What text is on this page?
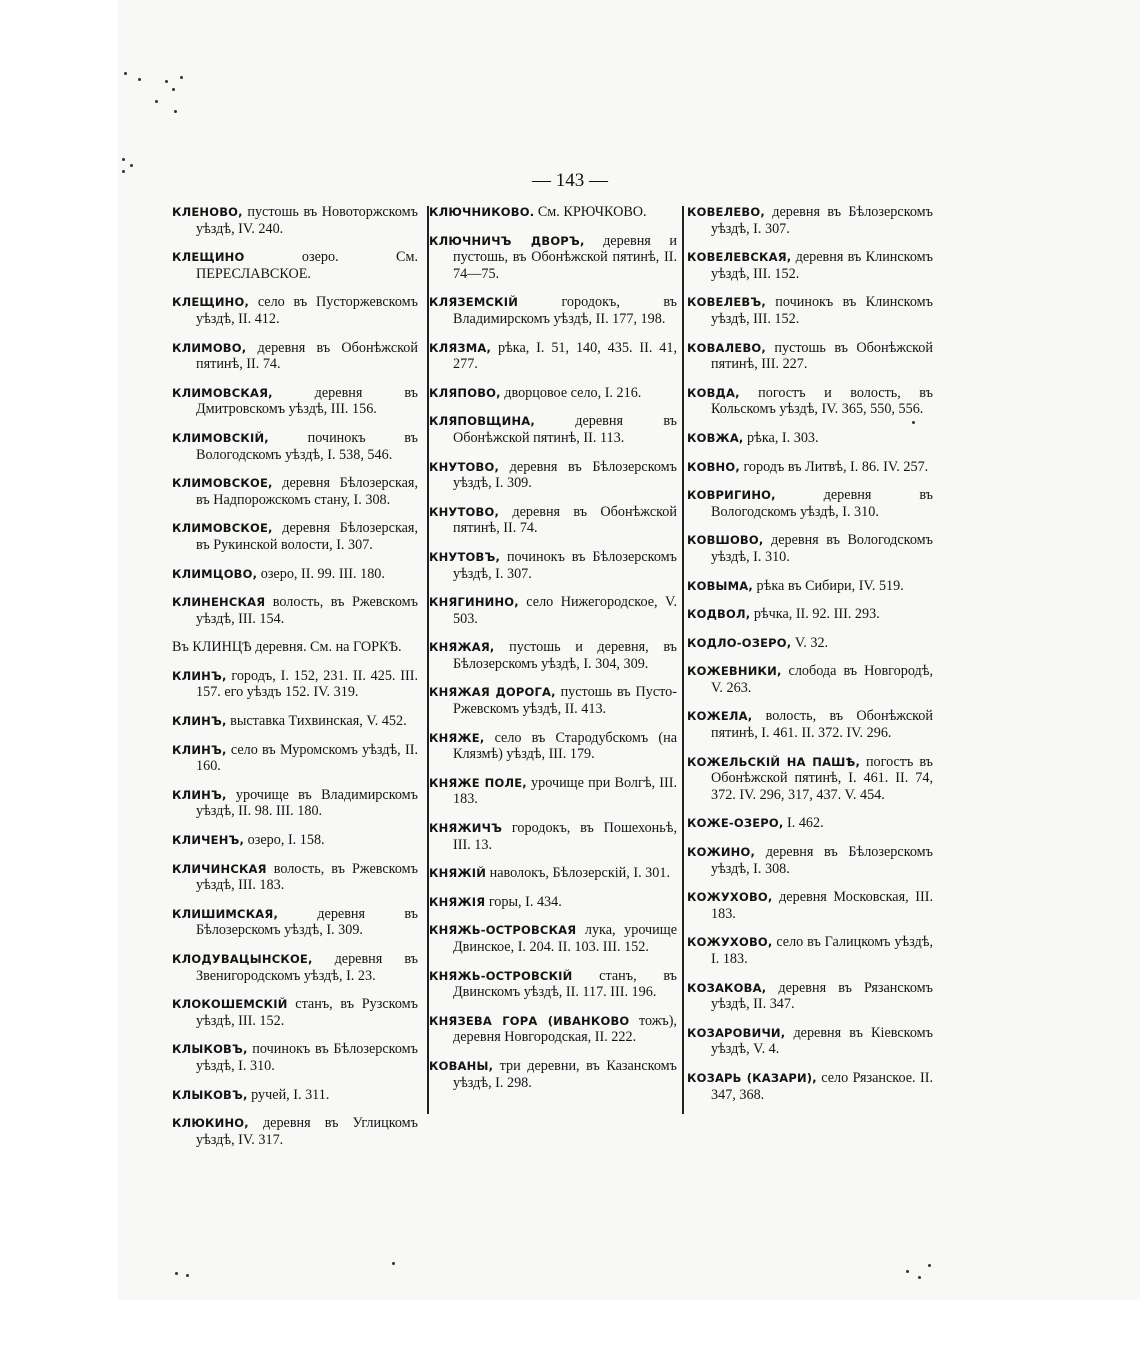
— 143 —

КЛЕНОВО, пустошь въ Новоторжскомъ уѣздѣ, IV. 240.

КЛЕЩИНО озеро. См. ПЕРЕСЛАВСКОЕ.

КЛЕЩИНО, село въ Пусторжевскомъ уѣздѣ, II. 412.

КЛИМОВО, деревня въ Обонѣжской пятинѣ, II. 74.

КЛИМОВСКАЯ, деревня въ Дмитровскомъ уѣздѣ, III. 156.

КЛИМОВСКІЙ, починокъ въ Вологодскомъ уѣздѣ, I. 538, 546.

КЛИМОВСКОЕ, деревня Бѣлозерская, въ Надпорожскомъ стану, I. 308.

КЛИМОВСКОЕ, деревня Бѣлозерская, въ Рукинской волости, I. 307.

КЛИМЦОВО, озеро, II. 99. III. 180.

КЛИНЕНСКАЯ волость, въ Ржевскомъ уѣздѣ, III. 154.

Въ КЛИНЦѢ деревня. См. на ГОРКѢ.

КЛИНЪ, городъ, I. 152, 231. II. 425. III. 157. его уѣздъ 152. IV. 319.

КЛИНЪ, выставка Тихвинская, V. 452.

КЛИНЪ, село въ Муромскомъ уѣздѣ, II. 160.

КЛИНЪ, урочище въ Владимирскомъ уѣздѣ, II. 98. III. 180.

КЛИЧЕНЪ, озеро, I. 158.

КЛИЧИНСКАЯ волость, въ Ржевскомъ уѣздѣ, III. 183.

КЛИШИМСКАЯ, деревня въ Бѣлозерскомъ уѣздѣ, I. 309.

КЛОДУВАЦЫНСКОЕ, деревня въ Звенигородскомъ уѣздѣ, I. 23.

КЛОКОШЕМСКІЙ станъ, въ Рузскомъ уѣздѣ, III. 152.

КЛЫКОВЪ, починокъ въ Бѣлозерскомъ уѣздѣ, I. 310.

КЛЫКОВЪ, ручей, I. 311.

КЛЮКИНО, деревня въ Углицкомъ уѣздѣ, IV. 317.

КЛЮЧНИКОВО. См. КРЮЧКОВО.

КЛЮЧНИЧЪ ДВОРЪ, деревня и пустошь, въ Обонѣжской пятинѣ, II. 74—75.

КЛЯЗЕМСКІЙ городокъ, въ Владимирскомъ уѣздѣ, II. 177, 198.

КЛЯЗМА, рѣка, I. 51, 140, 435. II. 41, 277.

КЛЯПОВО, дворцовое село, I. 216.

КЛЯПОВЩИНА, деревня въ Обонѣжской пятинѣ, II. 113.

КНУТОВО, деревня въ Бѣлозерскомъ уѣздѣ, I. 309.

КНУТОВО, деревня въ Обонѣжской пятинѣ, II. 74.

КНУТОВЪ, починокъ въ Бѣлозерскомъ уѣздѣ, I. 307.

КНЯГИНИНО, село Нижегородское, V. 503.

КНЯЖАЯ, пустошь и деревня, въ Бѣлозерскомъ уѣздѣ, I. 304, 309.

КНЯЖАЯ ДОРОГА, пустошь въ Пусто-Ржевскомъ уѣздѣ, II. 413.

КНЯЖЕ, село въ Стародубскомъ (на Клязмѣ) уѣздѣ, III. 179.

КНЯЖЕ ПОЛЕ, урочище при Волгѣ, III. 183.

КНЯЖИЧЪ городокъ, въ Пошехоньѣ, III. 13.

КНЯЖІЙ наволокъ, Бѣлозерскій, I. 301.

КНЯЖІЯ горы, I. 434.

КНЯЖЬ-ОСТРОВСКАЯ лука, урочище Двинское, I. 204. II. 103. III. 152.

КНЯЖЬ-ОСТРОВСКІЙ станъ, въ Двинскомъ уѣздѣ, II. 117. III. 196.

КНЯЗЕВА ГОРА (ИВАНКОВО тожъ), деревня Новгородская, II. 222.

КОВАНЫ, три деревни, въ Казанскомъ уѣздѣ, I. 298.

КОВЕЛЕВО, деревня въ Бѣлозерскомъ уѣздѣ, I. 307.

КОВЕЛЕВСКАЯ, деревня въ Клинскомъ уѣздѣ, III. 152.

КОВЕЛЕВЪ, починокъ въ Клинскомъ уѣздѣ, III. 152.

КОВАЛЕВО, пустошь въ Обонѣжской пятинѣ, III. 227.

КОВДА, погостъ и волость, въ Кольскомъ уѣздѣ, IV. 365, 550, 556.

КОВЖА, рѣка, I. 303.

КОВНО, городъ въ Литвѣ, I. 86. IV. 257.

КОВРИГИНО, деревня въ Вологодскомъ уѣздѣ, I. 310.

КОВШОВО, деревня въ Вологодскомъ уѣздѣ, I. 310.

КОВЫМА, рѣка въ Сибири, IV. 519.

КОДВОЛ, рѣчка, II. 92. III. 293.

КОДЛО-ОЗЕРО, V. 32.

КОЖЕВНИКИ, слобода въ Новгородѣ, V. 263.

КОЖЕЛА, волость, въ Обонѣжской пятинѣ, I. 461. II. 372. IV. 296.

КОЖЕЛЬСКІЙ НА ПАШѢ, погостъ въ Обонѣжской пятинѣ, I. 461. II. 74, 372. IV. 296, 317, 437. V. 454.

КОЖЕ-ОЗЕРО, I. 462.

КОЖИНО, деревня въ Бѣлозерскомъ уѣздѣ, I. 308.

КОЖУХОВО, деревня Московская, III. 183.

КОЖУХОВО, село въ Галицкомъ уѣздѣ, I. 183.

КОЗАКОВА, деревня въ Рязанскомъ уѣздѣ, II. 347.

КОЗАРОВИЧИ, деревня въ Кіевскомъ уѣздѣ, V. 4.

КОЗАРЬ (КАЗАРИ), село Рязанское. II. 347, 368.
